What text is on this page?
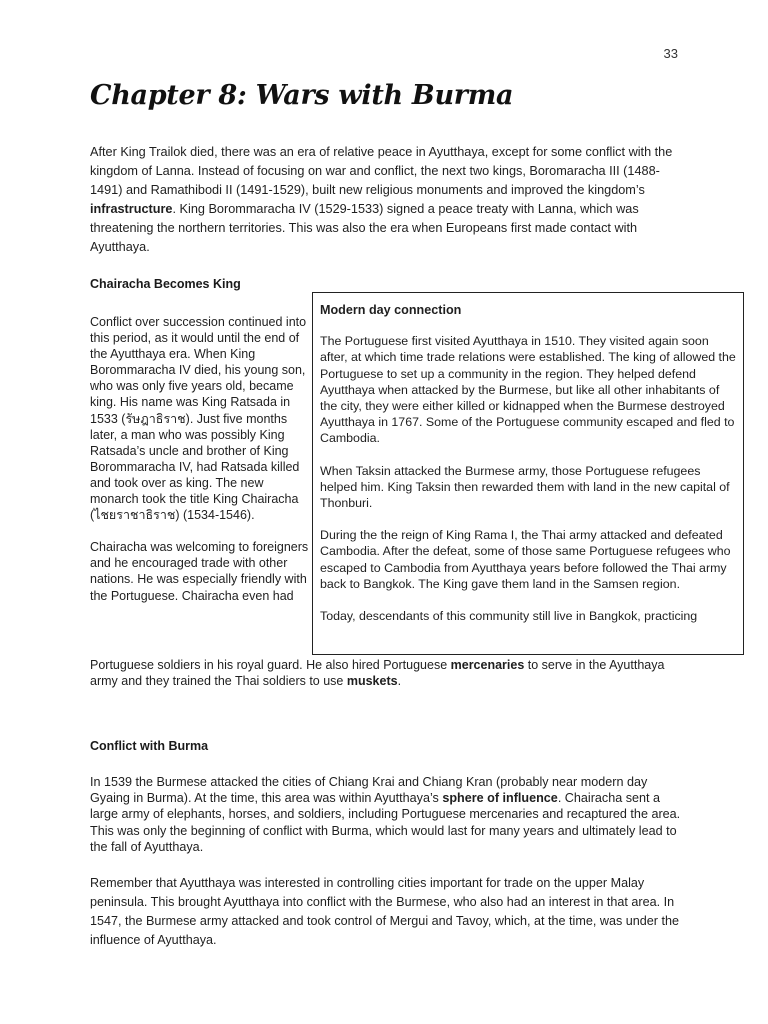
33
Chapter 8: Wars with Burma

After King Trailok died, there was an era of relative peace in Ayutthaya, except for some conflict with the kingdom of Lanna. Instead of focusing on war and conflict, the next two kings, Boromaracha III (1488-1491) and Ramathibodi II (1491-1529), built new religious monuments and improved the kingdom’s infrastructure. King Borommaracha IV (1529-1533) signed a peace treaty with Lanna, which was threatening the northern territories. This was also the era when Europeans first made contact with Ayutthaya.

Chairacha Becomes King

Conflict over succession continued into this period, as it would until the end of the Ayutthaya era. When King Borommaracha IV died, his young son, who was only five years old, became king. His name was King Ratsada in 1533 (รัษฎาธิราช). Just five months later, a man who was possibly King Ratsada’s uncle and brother of King Borommaracha IV, had Ratsada killed and took over as king. The new monarch took the title King Chairacha (ไชยราชาธิราช) (1534-1546).

Chairacha was welcoming to foreigners and he encouraged trade with other nations. He was especially friendly with the Portuguese. Chairacha even had

Portuguese soldiers in his royal guard. He also hired Portuguese mercenaries to serve in the Ayutthaya army and they trained the Thai soldiers to use muskets.

Modern day connection

The Portuguese first visited Ayutthaya in 1510. They visited again soon after, at which time trade relations were established. The king of allowed the Portuguese to set up a community in the region. They helped defend Ayutthaya when attacked by the Burmese, but like all other inhabitants of the city, they were either killed or kidnapped when the Burmese destroyed Ayutthaya in 1767. Some of the Portuguese community escaped and fled to Cambodia.

When Taksin attacked the Burmese army, those Portuguese refugees helped him. King Taksin then rewarded them with land in the new capital of Thonburi.

During the the reign of King Rama I, the Thai army attacked and defeated Cambodia. After the defeat, some of those same Portuguese refugees who escaped to Cambodia from Ayutthaya years before followed the Thai army back to Bangkok. The King gave them land in the Samsen region.

Today, descendants of this community still live in Bangkok, practicing

Conflict with Burma

In 1539 the Burmese attacked the cities of Chiang Krai and Chiang Kran (probably near modern day Gyaing in Burma). At the time, this area was within Ayutthaya’s sphere of influence. Chairacha sent a large army of elephants, horses, and soldiers, including Portuguese mercenaries and recaptured the area. This was only the beginning of conflict with Burma, which would last for many years and ultimately lead to the fall of Ayutthaya.

Remember that Ayutthaya was interested in controlling cities important for trade on the upper Malay peninsula. This brought Ayutthaya into conflict with the Burmese, who also had an interest in that area. In 1547, the Burmese army attacked and took control of Mergui and Tavoy, which, at the time, was under the influence of Ayutthaya.
